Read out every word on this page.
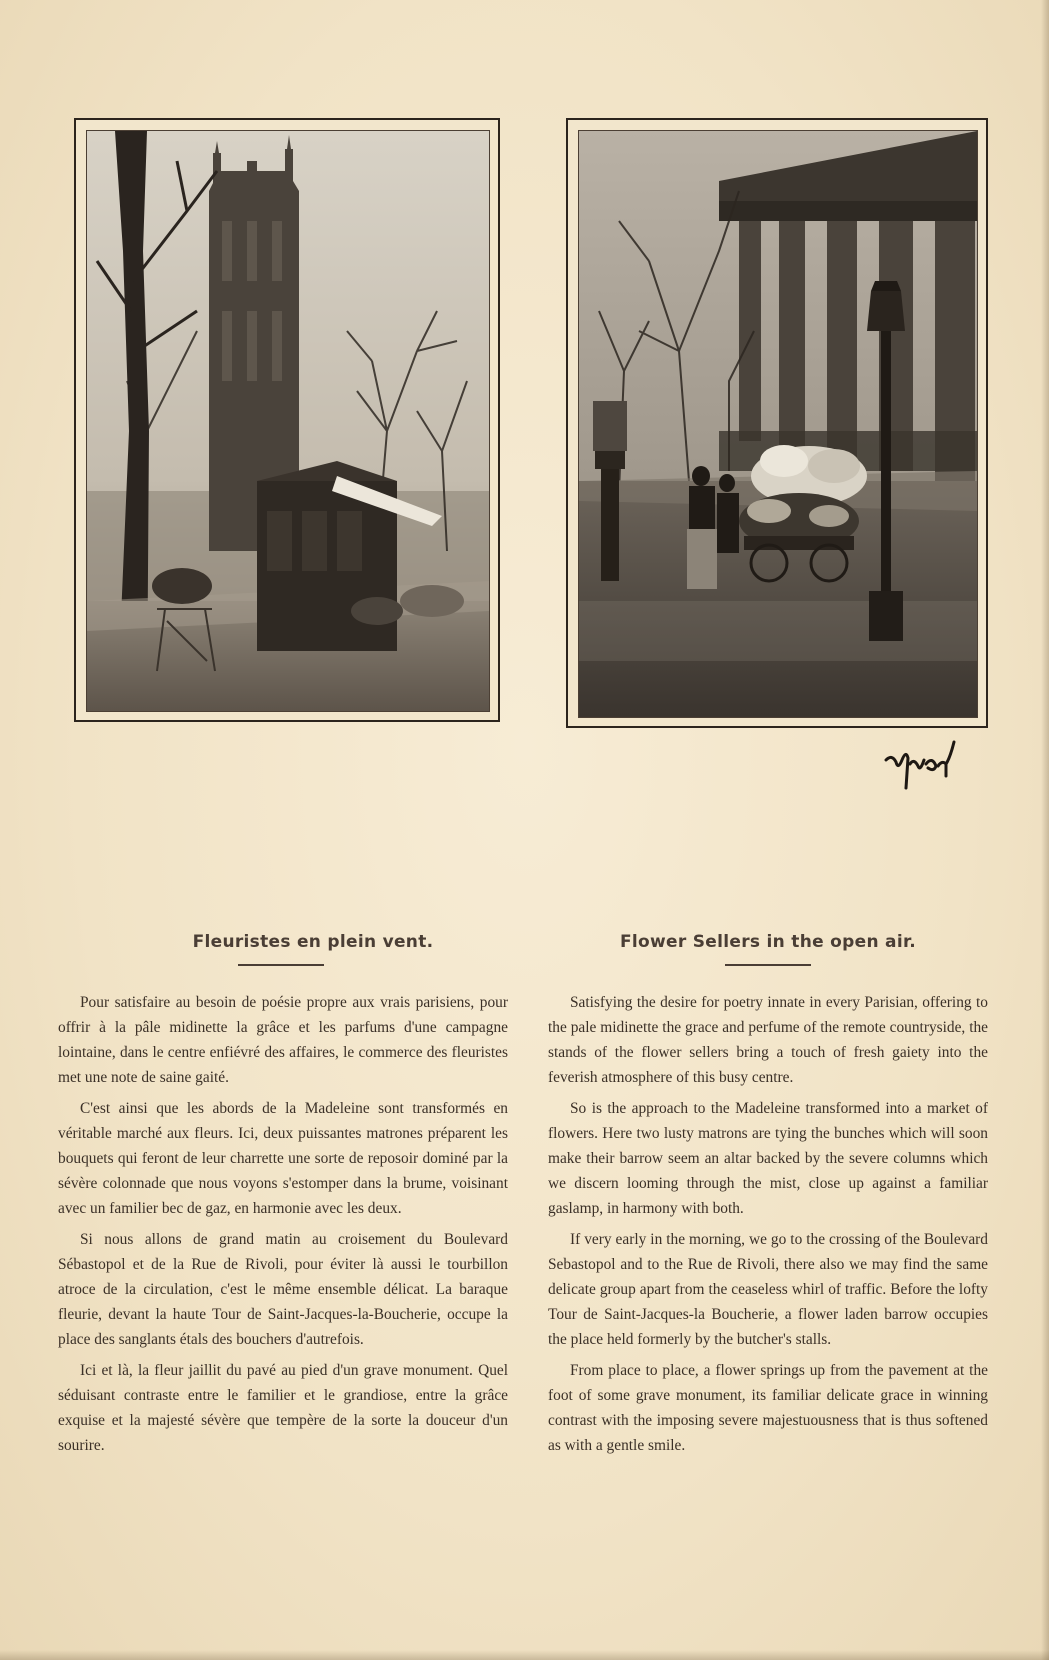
Fleuristes en plein vent.

Pour satisfaire au besoin de poésie propre aux vrais parisiens, pour offrir à la pâle midinette la grâce et les parfums d'une campagne lointaine, dans le centre enfiévré des affaires, le commerce des fleuristes met une note de saine gaité.

C'est ainsi que les abords de la Madeleine sont transformés en véritable marché aux fleurs. Ici, deux puissantes matrones préparent les bouquets qui feront de leur charrette une sorte de reposoir dominé par la sévère colonnade que nous voyons s'estomper dans la brume, voisinant avec un familier bec de gaz, en harmonie avec les deux.

Si nous allons de grand matin au croisement du Boulevard Sébastopol et de la Rue de Rivoli, pour éviter là aussi le tourbillon atroce de la circulation, c'est le même ensemble délicat. La baraque fleurie, devant la haute Tour de Saint-Jacques-la-Boucherie, occupe la place des sanglants étals des bouchers d'autrefois.

Ici et là, la fleur jaillit du pavé au pied d'un grave monument. Quel séduisant contraste entre le familier et le grandiose, entre la grâce exquise et la majesté sévère que tempère de la sorte la douceur d'un sourire.

Flower Sellers in the open air.

Satisfying the desire for poetry innate in every Parisian, offering to the pale midinette the grace and perfume of the remote countryside, the stands of the flower sellers bring a touch of fresh gaiety into the feverish atmosphere of this busy centre.

So is the approach to the Madeleine transformed into a market of flowers. Here two lusty matrons are tying the bunches which will soon make their barrow seem an altar backed by the severe columns which we discern looming through the mist, close up against a familiar gaslamp, in harmony with both.

If very early in the morning, we go to the crossing of the Boulevard Sebastopol and to the Rue de Rivoli, there also we may find the same delicate group apart from the ceaseless whirl of traffic. Before the lofty Tour de Saint-Jacques-la Boucherie, a flower laden barrow occupies the place held formerly by the butcher's stalls.

From place to place, a flower springs up from the pavement at the foot of some grave monument, its familiar delicate grace in winning contrast with the imposing severe majestuousness that is thus softened as with a gentle smile.
